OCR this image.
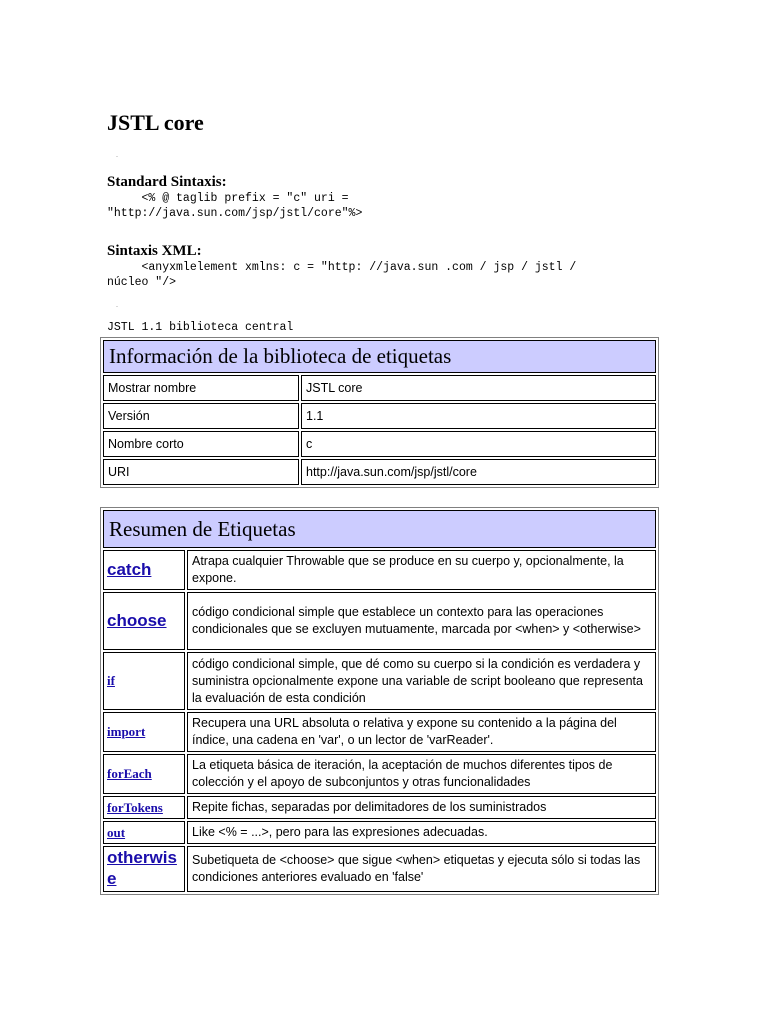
JSTL core
Standard Sintaxis:
<% @ taglib prefix = "c" uri =
"http://java.sun.com/jsp/jstl/core"%>
Sintaxis XML:
<anyxmlelement xmlns: c = "http: //java.sun .com / jsp / jstl /
núcleo "/>
JSTL 1.1 biblioteca central
Información de la biblioteca de etiquetas	
Mostrar nombre	JSTL core
Versión	1.1
Nombre corto	c
URI	http://java.sun.com/jsp/jstl/core
Resumen de Etiquetas	
catch	Atrapa cualquier Throwable que se produce en su cuerpo y, opcionalmente, la expone.
choose	código condicional simple que establece un contexto para las operaciones condicionales que se excluyen mutuamente, marcada por <when> y <otherwise>
if	código condicional simple, que dé como su cuerpo si la condición es verdadera y suministra opcionalmente expone una variable de script booleano que representa la evaluación de esta condición
import	Recupera una URL absoluta o relativa y expone su contenido a la página del índice, una cadena en 'var', o un lector de 'varReader'.
forEach	La etiqueta básica de iteración, la aceptación de muchos diferentes tipos de colección y el apoyo de subconjuntos y otras funcionalidades
forTokens	Repite fichas, separadas por delimitadores de los suministrados
out	Like <% = ...>, pero para las expresiones adecuadas.
otherwise	Subetiqueta de <choose> que sigue <when> etiquetas y ejecuta sólo si todas las condiciones anteriores evaluado en 'false'
